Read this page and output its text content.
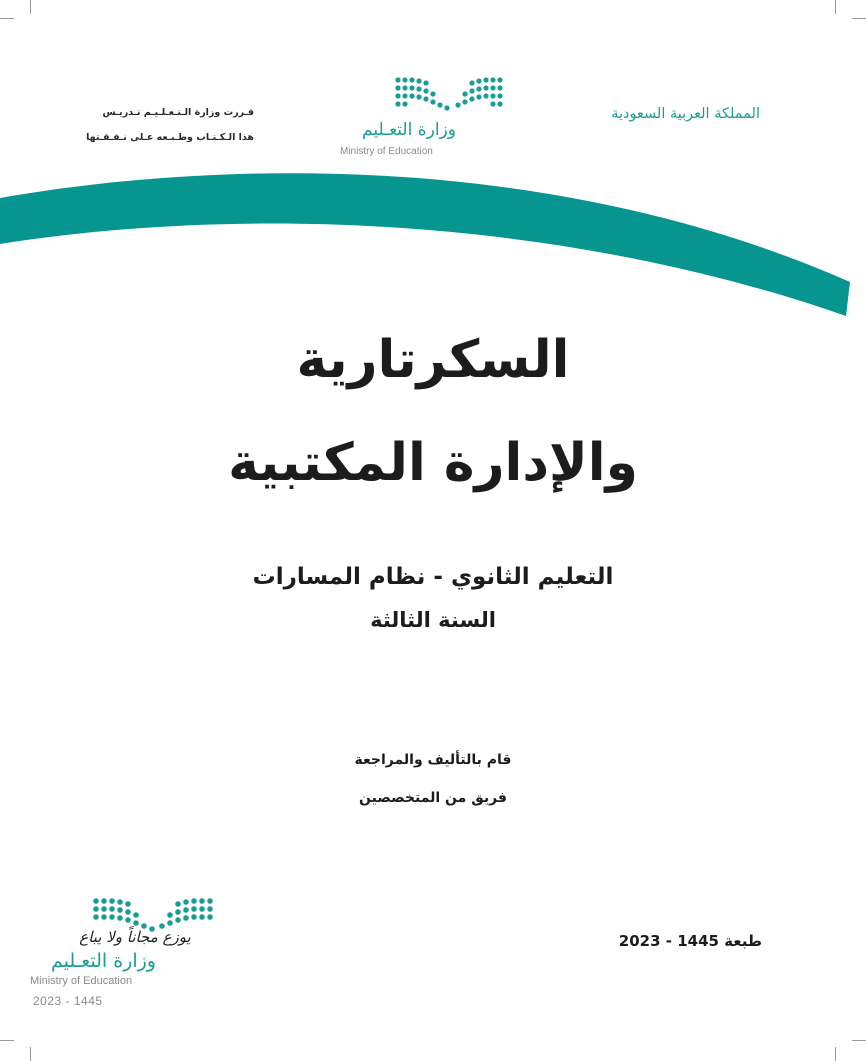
قـررت وزارة الـتـعـلـيـم تـدريـس
هذا الـكـتـاب وطـبـعه عـلى نـفـقـتها	وزارة التعـليم
Ministry of Education
المملكة العربية السعودية
السكرتارية
والإدارة المكتبية
التعليم الثانوي - نظام المسارات
السنة الثالثة
قام بالتأليف والمراجعة
فريق من المتخصصين
طبعة 1445 - 2023
يوزع مجاناً ولا يباع
وزارة التعـليم
Ministry of Education
2023 - 1445
